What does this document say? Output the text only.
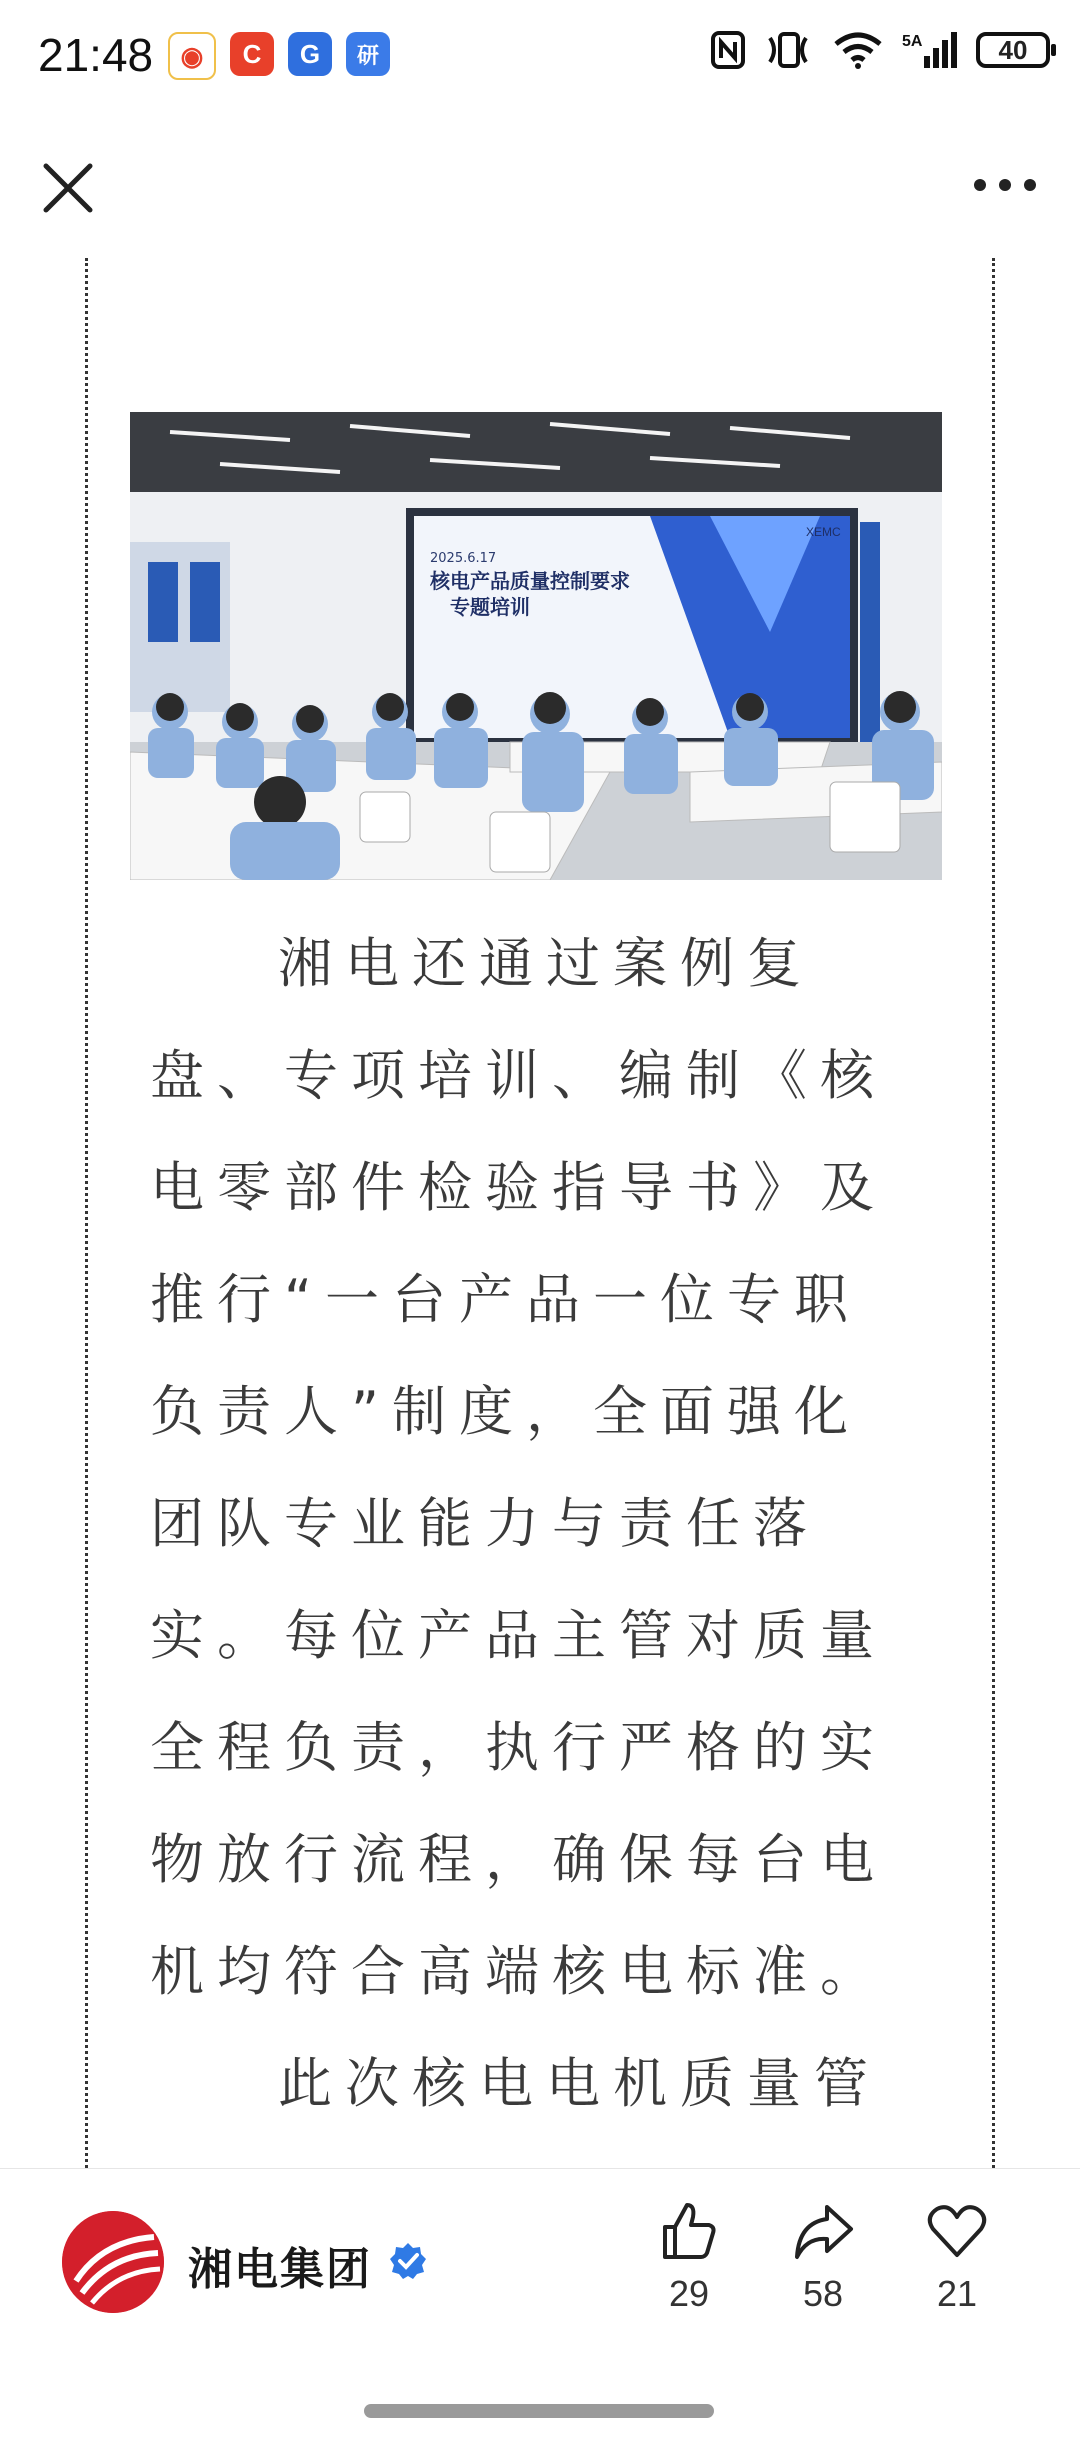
21:48	◉	C	G	研
5A	40
2025.6.17
核电产品质量控制要求
专题培训
XEMC
湘电还通过案例复盘、专项培训、编制《核电零部件检验指导书》及推行“一台产品一位专职负责人”制度，全面强化团队专业能力与责任落实。每位产品主管对质量全程负责，执行严格的实物放行流程，确保每台电机均符合高端核电标准。
此次核电电机质量管
湘电集团	29	58	21
